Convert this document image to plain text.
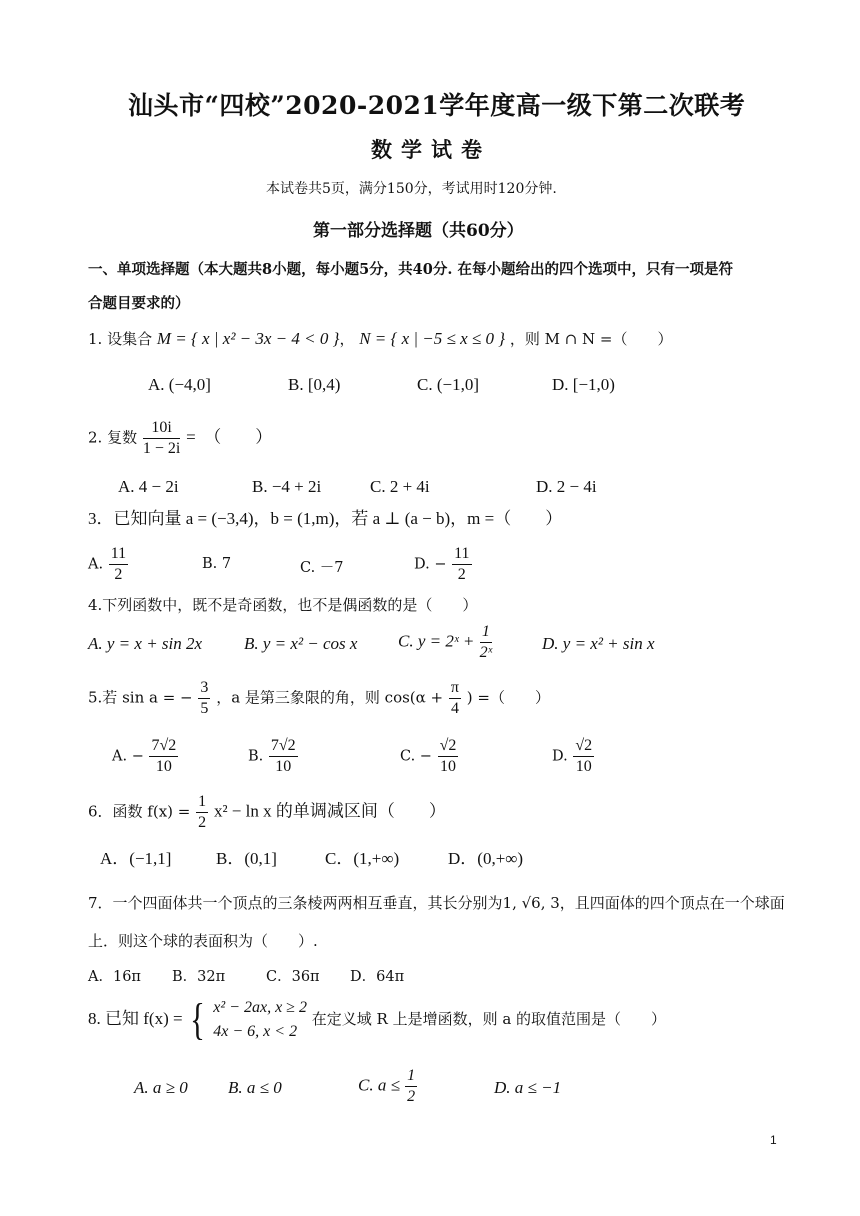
汕头市“四校”2020-2021学年度高一级下第二次联考
数学试卷
本试卷共5页，满分150分，考试用时120分钟.
第一部分选择题（共60分）
一、单项选择题（本大题共8小题，每小题5分，共40分. 在每小题给出的四个选项中，只有一项是符
合题目要求的）
1. 设集合 M = { x | x² − 3x − 4 < 0 }， N = { x | −5 ≤ x ≤ 0 } ，则 M ∩ N =（　　）
A. (−4,0]	B. [0,4)	C. (−1,0]	D. [−1,0)
2. 复数 $\frac{10i}{1 - 2i}$ =　（　　）
A. 4 − 2i	B. −4 + 2i	C. 2 + 4i	D. 2 − 4i
3．已知向量 a = (−3,4)，b = (1,m)，若 a ⊥ (a − b)，m =（　　）
A. $\frac{11}{2}$	B. 7	C. －7	D. − $\frac{11}{2}$
4.下列函数中，既不是奇函数，也不是偶函数的是（　　）
A. y = x + sin 2x B. y = x² − cos x C. y = 2ˣ + $\frac{1}{\text{2ˣ}}$	D. y = x² + sin x
5.若 sin a = − $\frac{3}{5}$ ，a 是第三象限的角，则 $\cos(\alpha + \frac{\pi}{4}$ ) =（　　）
A. − $\frac{7√2}{10}$	B. $\frac{7√2}{10}$	C. − $\frac{√2}{10}$	D. $\frac{√2}{10}$
6．函数 $f(x) = \frac{1}{2} x^2 - \ln x$ 的单调减区间（　　）
A．(−1,1]	B．(0,1]	C．(1,+∞)	D．(0,+∞)
7．一个四面体共一个顶点的三条棱两两相互垂直，其长分别为1, √6, 3，且四面体的四个顶点在一个球面
上．则这个球的表面积为（　　）.
A．16π B．32π	C．36π D．64π
8. 已知 f(x) = { x² − 2ax, x ≥ 2
4x − 6, x < 2
在定义域 R 上是增函数，则 a 的取值范围是（　　）
A. a ≥ 0 B. a ≤ 0	C. $a \le \frac{1}{2}$	D. a ≤ −1
1
